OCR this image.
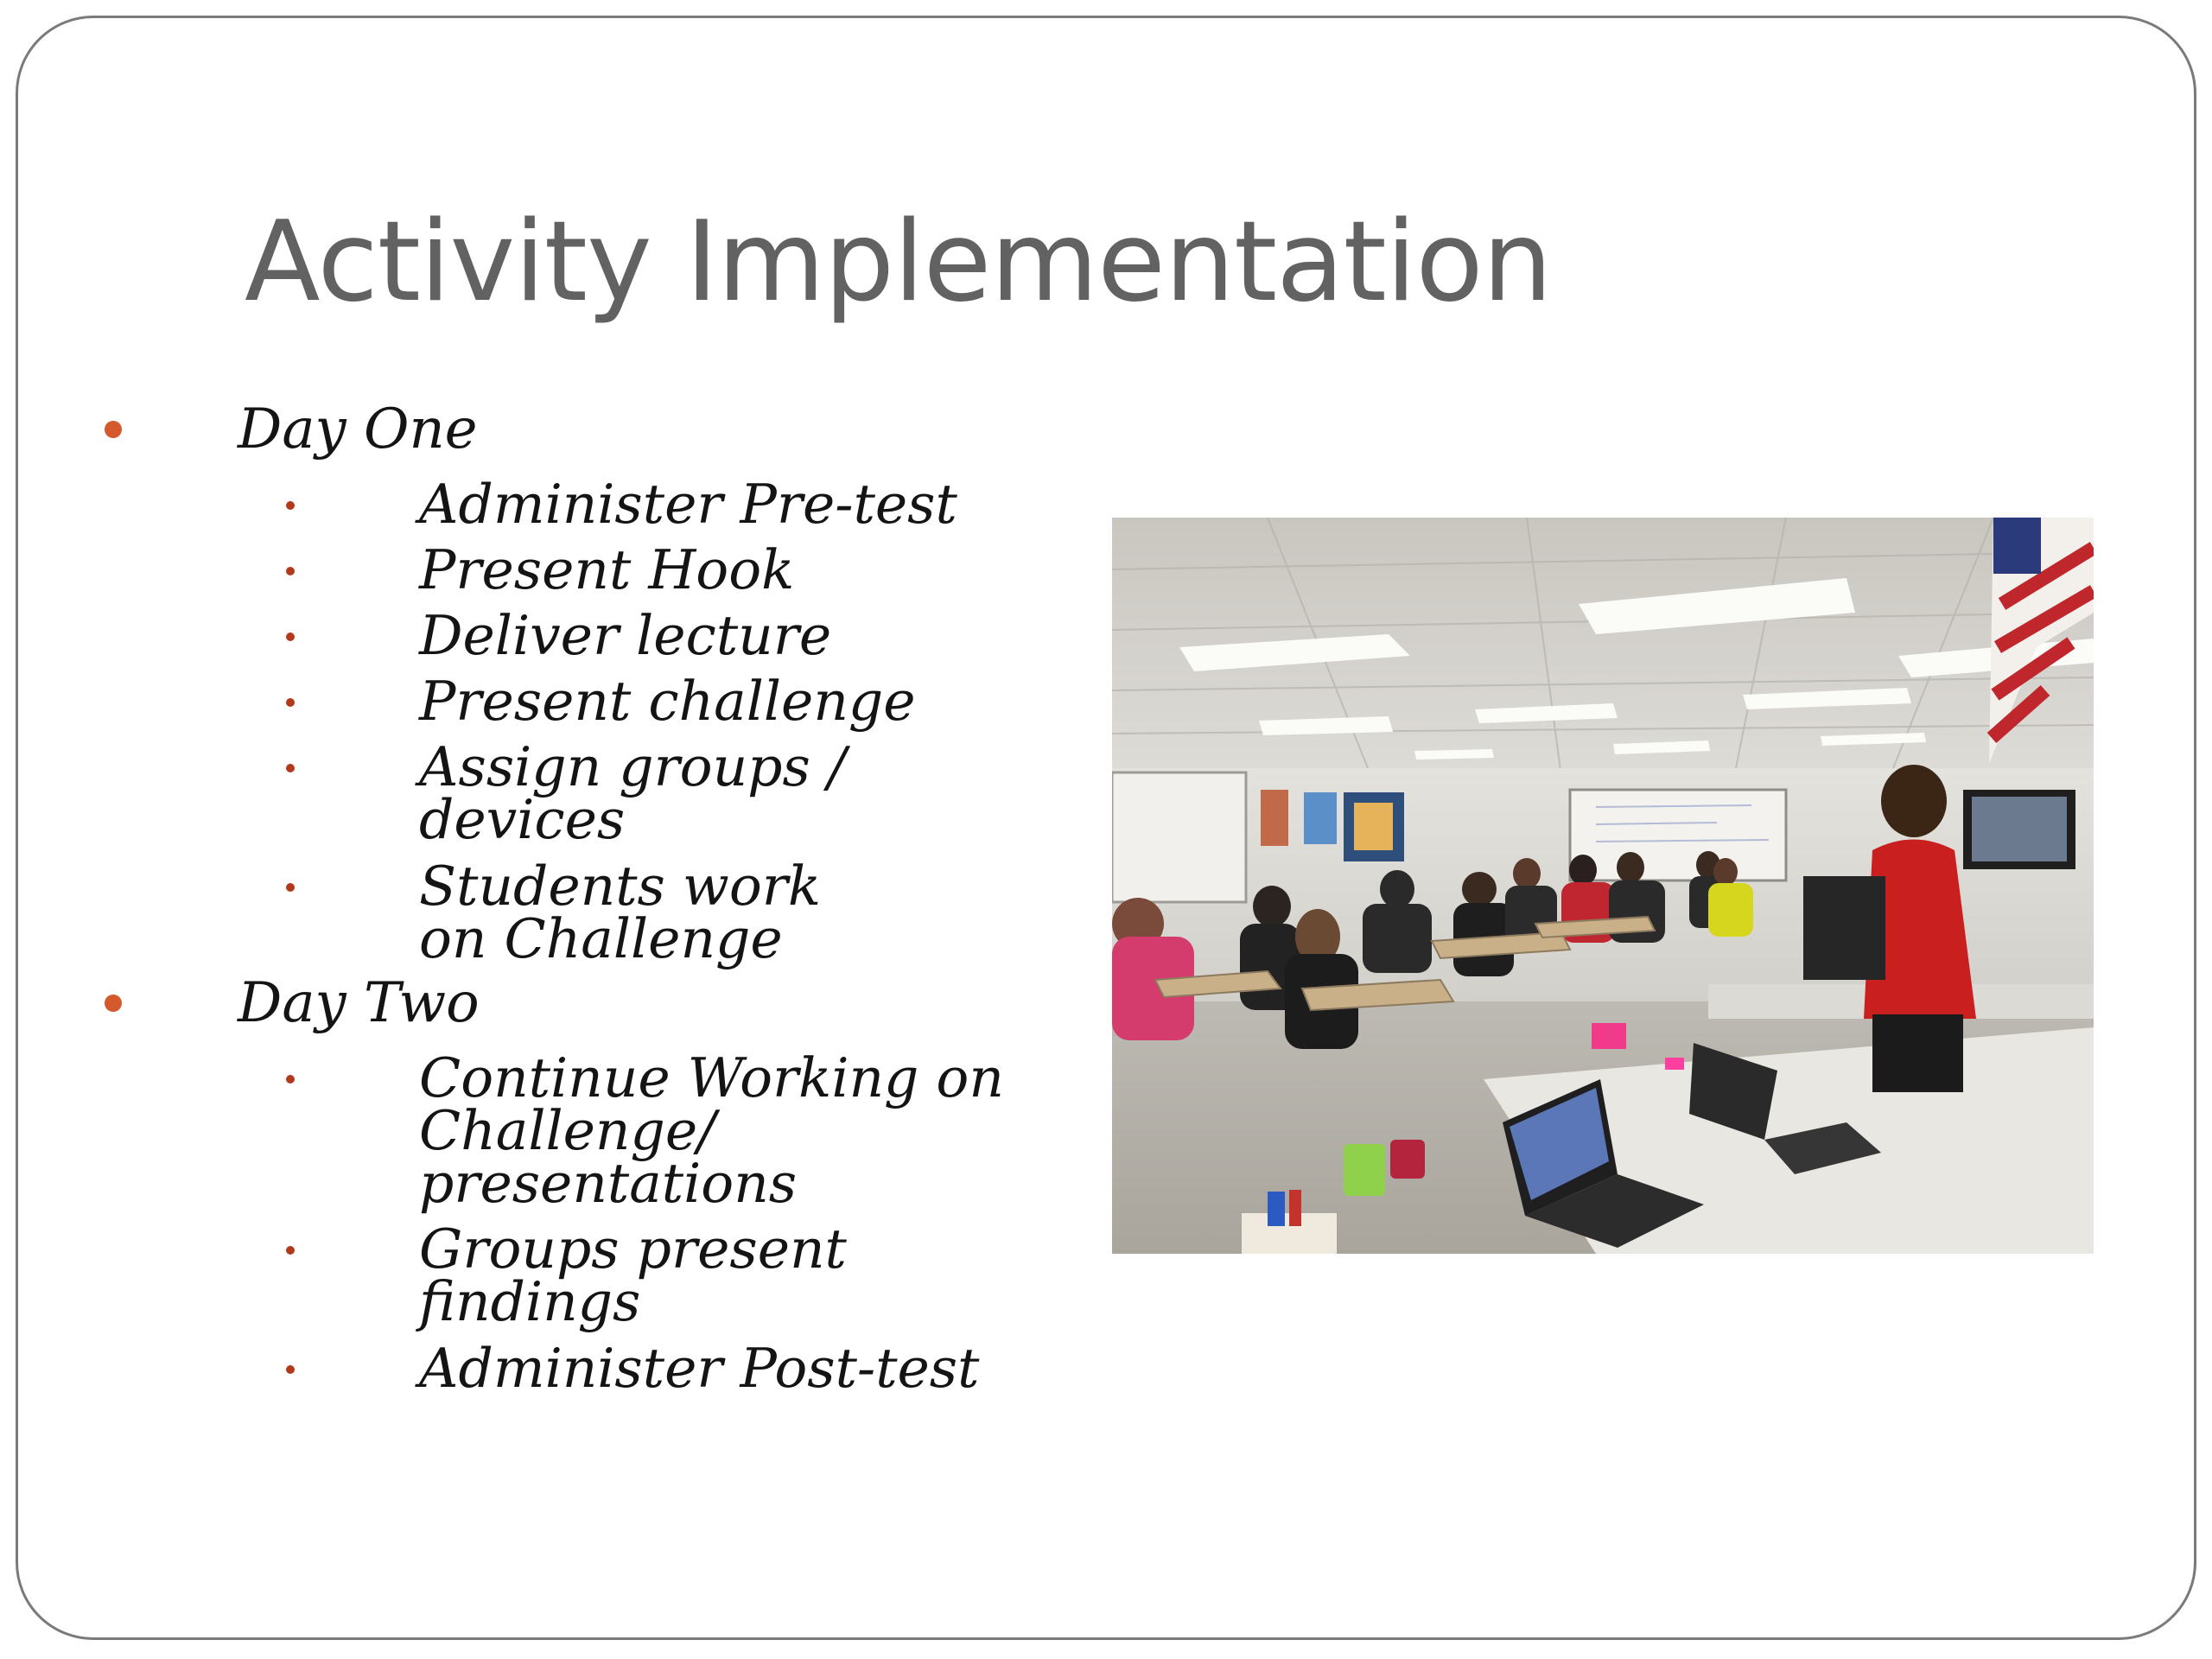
Activity Implementation
Day One
Administer Pre-test
Present Hook
Deliver lecture
Present challenge
Assign groups / devices
Students work on Challenge
Day Two
Continue Working on Challenge/ presentations
Groups present findings
Administer Post-test
